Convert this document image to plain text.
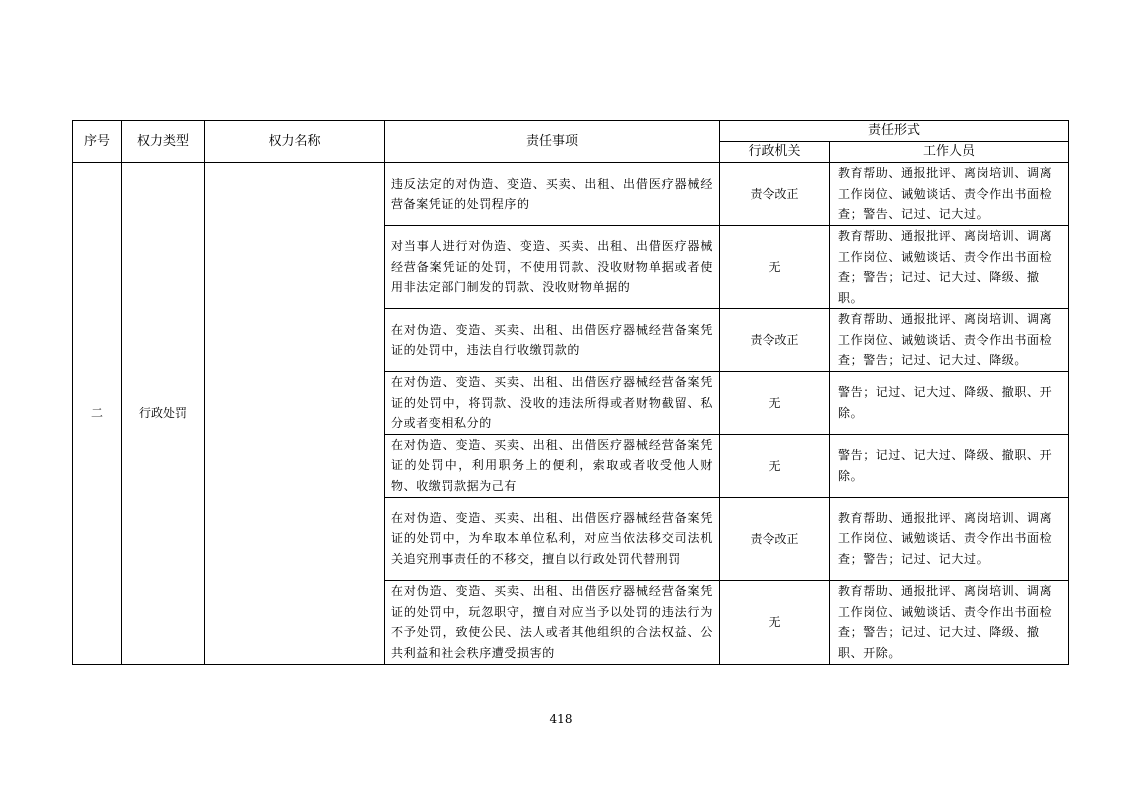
序号	权力类型	权力名称	责任事项	责任形式	
				行政机关	工作人员
二	行政处罚		违反法定的对伪造、变造、买卖、出租、出借医疗器械经营备案凭证的处罚程序的	责令改正	教育帮助、通报批评、离岗培训、调离工作岗位、诫勉谈话、责令作出书面检查；警告、记过、记大过。
			对当事人进行对伪造、变造、买卖、出租、出借医疗器械经营备案凭证的处罚，不使用罚款、没收财物单据或者使用非法定部门制发的罚款、没收财物单据的	无	教育帮助、通报批评、离岗培训、调离工作岗位、诫勉谈话、责令作出书面检查；警告；记过、记大过、降级、撤职。
			在对伪造、变造、买卖、出租、出借医疗器械经营备案凭证的处罚中，违法自行收缴罚款的	责令改正	教育帮助、通报批评、离岗培训、调离工作岗位、诫勉谈话、责令作出书面检查；警告；记过、记大过、降级。
			在对伪造、变造、买卖、出租、出借医疗器械经营备案凭证的处罚中，将罚款、没收的违法所得或者财物截留、私分或者变相私分的	无	警告；记过、记大过、降级、撤职、开除。
			在对伪造、变造、买卖、出租、出借医疗器械经营备案凭证的处罚中，利用职务上的便利，索取或者收受他人财物、收缴罚款据为己有	无	警告；记过、记大过、降级、撤职、开除。
			在对伪造、变造、买卖、出租、出借医疗器械经营备案凭证的处罚中，为牟取本单位私利，对应当依法移交司法机关追究刑事责任的不移交，擅自以行政处罚代替刑罚	责令改正	教育帮助、通报批评、离岗培训、调离工作岗位、诫勉谈话、责令作出书面检查；警告；记过、记大过。
			在对伪造、变造、买卖、出租、出借医疗器械经营备案凭证的处罚中，玩忽职守，擅自对应当予以处罚的违法行为不予处罚，致使公民、法人或者其他组织的合法权益、公共利益和社会秩序遭受损害的	无	教育帮助、通报批评、离岗培训、调离工作岗位、诫勉谈话、责令作出书面检查；警告；记过、记大过、降级、撤职、开除。
418
